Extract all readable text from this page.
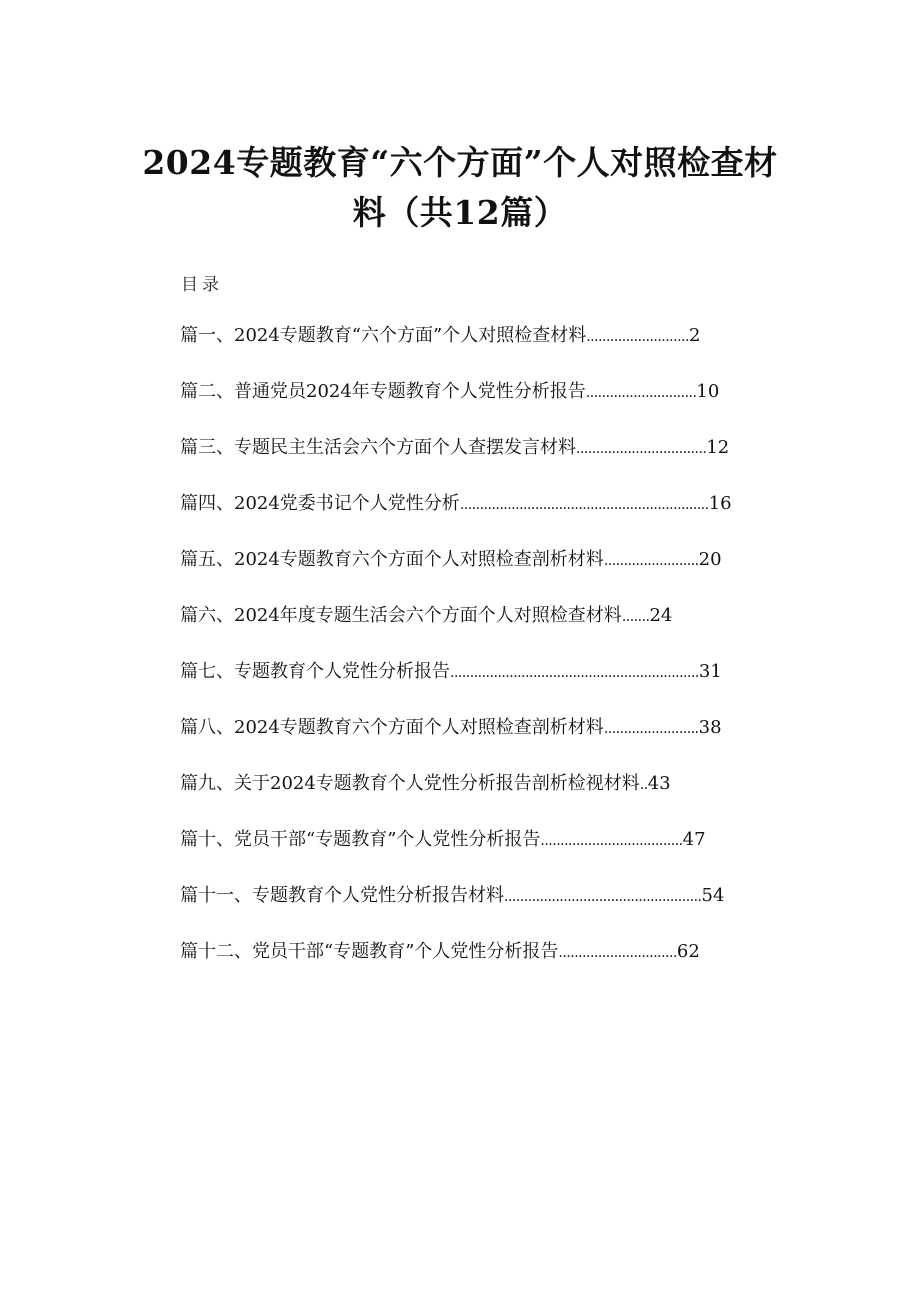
2024专题教育“六个方面”个人对照检查材
料（共12篇）
目录
篇一、2024专题教育“六个方面”个人对照检查材料 .......................... 2
篇二、普通党员2024年专题教育个人党性分析报告 ............................ 10
篇三、专题民主生活会六个方面个人查摆发言材料 ................................. 12
篇四、2024党委书记个人党性分析 ............................................................... 16
篇五、2024专题教育六个方面个人对照检查剖析材料 ........................ 20
篇六、2024年度专题生活会六个方面个人对照检查材料 ....... 24
篇七、专题教育个人党性分析报告 ............................................................... 31
篇八、2024专题教育六个方面个人对照检查剖析材料 ........................ 38
篇九、关于2024专题教育个人党性分析报告剖析检视材料 .. 43
篇十、党员干部“专题教育”个人党性分析报告 .................................... 47
篇十一、专题教育个人党性分析报告材料 .................................................. 54
篇十二、党员干部“专题教育”个人党性分析报告 .............................. 62
